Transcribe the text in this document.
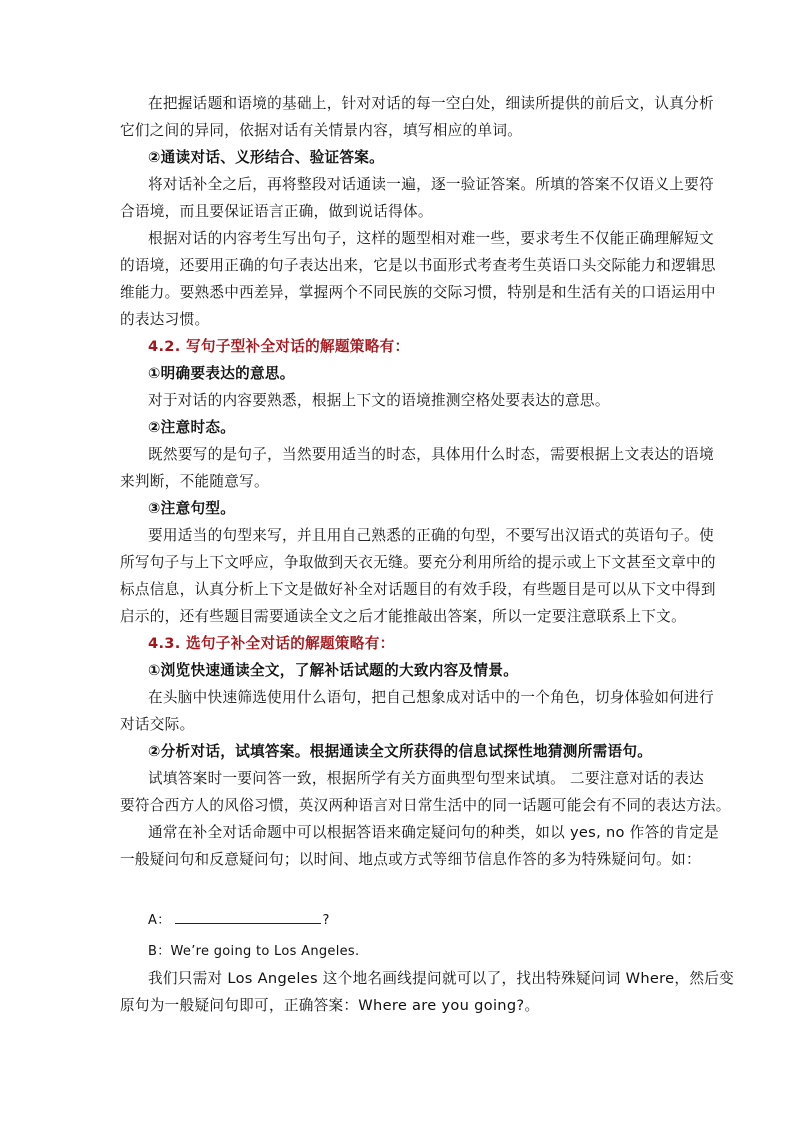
在把握话题和语境的基础上，针对对话的每一空白处，细读所提供的前后文，认真分析
它们之间的异同，依据对话有关情景内容，填写相应的单词。
②通读对话、义形结合、验证答案。
将对话补全之后，再将整段对话通读一遍，逐一验证答案。所填的答案不仅语义上要符
合语境，而且要保证语言正确，做到说话得体。
根据对话的内容考生写出句子，这样的题型相对难一些，要求考生不仅能正确理解短文
的语境，还要用正确的句子表达出来，它是以书面形式考查考生英语口头交际能力和逻辑思
维能力。要熟悉中西差异，掌握两个不同民族的交际习惯，特别是和生活有关的口语运用中
的表达习惯。
4.2. 写句子型补全对话的解题策略有：
①明确要表达的意思。
对于对话的内容要熟悉，根据上下文的语境推测空格处要表达的意思。
②注意时态。
既然要写的是句子，当然要用适当的时态，具体用什么时态，需要根据上文表达的语境
来判断，不能随意写。
③注意句型。
要用适当的句型来写，并且用自己熟悉的正确的句型，不要写出汉语式的英语句子。使
所写句子与上下文呼应，争取做到天衣无缝。要充分利用所给的提示或上下文甚至文章中的
标点信息，认真分析上下文是做好补全对话题目的有效手段，有些题目是可以从下文中得到
启示的，还有些题目需要通读全文之后才能推敲出答案，所以一定要注意联系上下文。
4.3. 选句子补全对话的解题策略有：
①浏览快速通读全文，了解补话试题的大致内容及情景。
在头脑中快速筛选使用什么语句，把自己想象成对话中的一个角色，切身体验如何进行
对话交际。
②分析对话，试填答案。根据通读全文所获得的信息试探性地猜测所需语句。
试填答案时一要问答一致，根据所学有关方面典型句型来试填。 二要注意对话的表达
要符合西方人的风俗习惯，英汉两种语言对日常生活中的同一话题可能会有不同的表达方法。
通常在补全对话命题中可以根据答语来确定疑问句的种类，如以 yes, no 作答的肯定是
一般疑问句和反意疑问句；以时间、地点或方式等细节信息作答的多为特殊疑问句。如：
A：	?
B：We’re going to Los Angeles.
我们只需对 Los Angeles 这个地名画线提问就可以了，找出特殊疑问词 Where，然后变
原句为一般疑问句即可，正确答案：Where are you going?。
